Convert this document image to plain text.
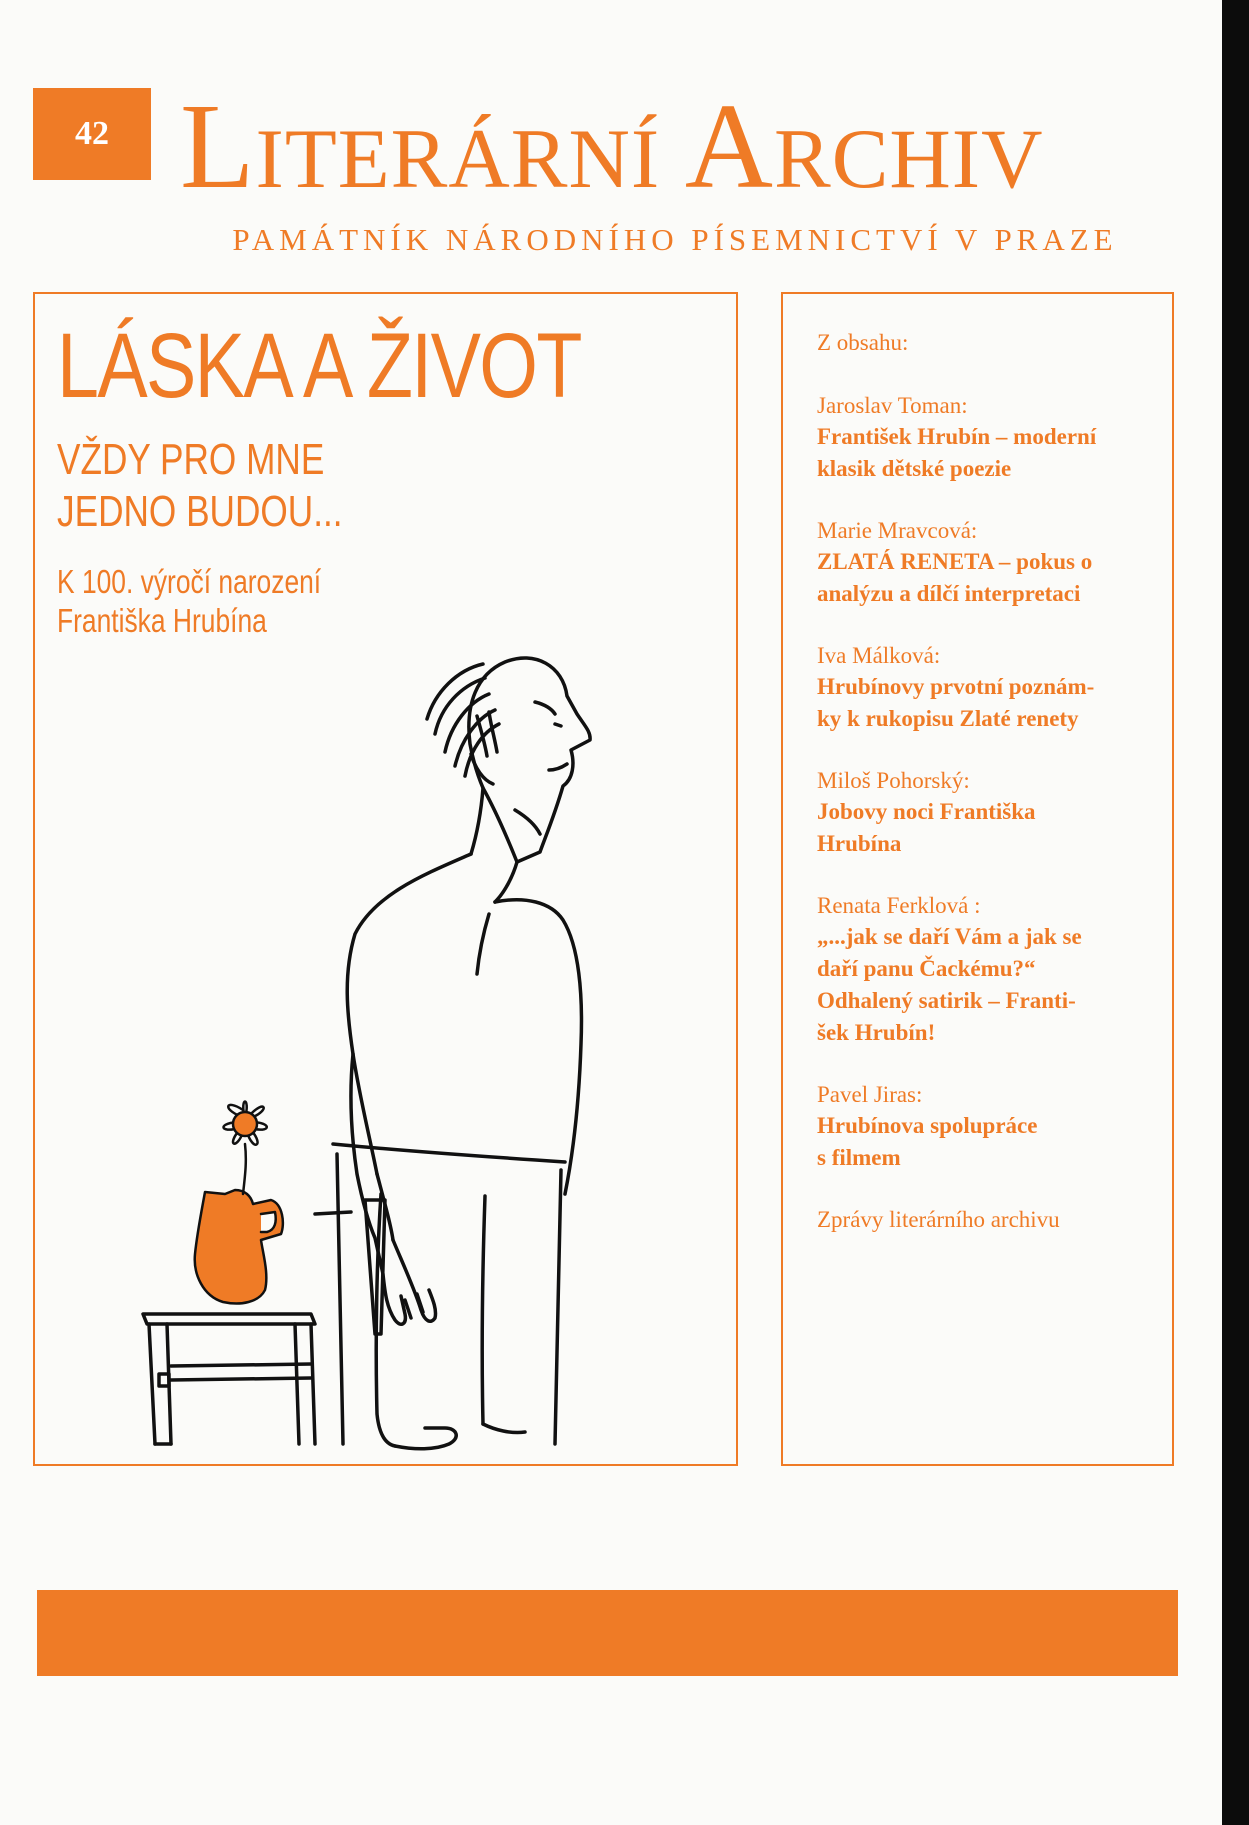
42 Literární Archiv
PAMÁTNÍK NÁRODNÍHO PÍSEMNICTVÍ V PRAZE
LÁSKA A ŽIVOT
VŽDY PRO MNE
JEDNO BUDOU...
K 100. výročí narození
Františka Hrubína
Z obsahu:
Jaroslav Toman:
František Hrubín – moderní
klasik dětské poezie
Marie Mravcová:
ZLATÁ RENETA – pokus o
analýzu a dílčí interpretaci
Iva Málková:
Hrubínovy prvotní poznám-
ky k rukopisu Zlaté renety
Miloš Pohorský:
Jobovy noci Františka
Hrubína
Renata Ferklová :
„...jak se daří Vám a jak se
daří panu Čackému?“
Odhalený satirik – Franti-
šek Hrubín!
Pavel Jiras:
Hrubínova spolupráce
s filmem
Zprávy literárního archivu
